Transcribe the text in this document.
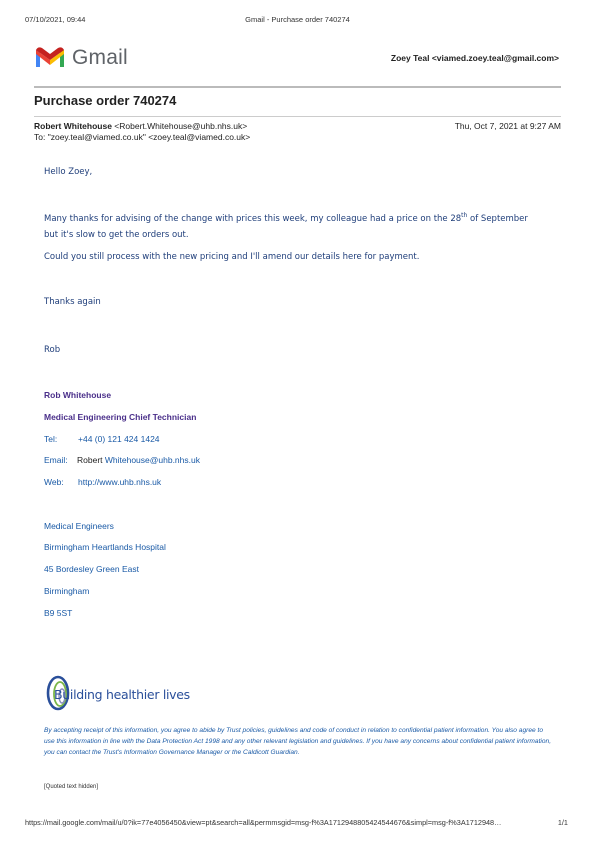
07/10/2021, 09:44	Gmail - Purchase order 740274
Gmail	Zoey Teal <viamed.zoey.teal@gmail.com>
Purchase order 740274
Robert Whitehouse <Robert.Whitehouse@uhb.nhs.uk>	Thu, Oct 7, 2021 at 9:27 AM
To: "zoey.teal@viamed.co.uk" <zoey.teal@viamed.co.uk>
Hello Zoey,
Many thanks for advising of the change with prices this week, my colleague had a price on the 28th of September
but it's slow to get the orders out.
Could you still process with the new pricing and I'll amend our details here for payment.
Thanks again
Rob
Rob Whitehouse
Medical Engineering Chief Technician
Tel: +44 (0) 121 424 1424
Email: Robert Whitehouse@uhb.nhs.uk
Web: http://www.uhb.nhs.uk
Medical Engineers
Birmingham Heartlands Hospital
45 Bordesley Green East
Birmingham
B9 5ST
Building healthier lives
By accepting receipt of this information, you agree to abide by Trust policies, guidelines and code of conduct in relation to confidential patient information. You also agree to use this information in line with the Data Protection Act 1998 and any other relevant legislation and guidelines. If you have any concerns about confidential patient information, you can contact the Trust's Information Governance Manager or the Caldicott Guardian.
[Quoted text hidden]
https://mail.google.com/mail/u/0?ik=77e4056450&view=pt&search=all&permmsgid=msg-f%3A1712948805424544676&simpl=msg-f%3A1712948…	1/1
